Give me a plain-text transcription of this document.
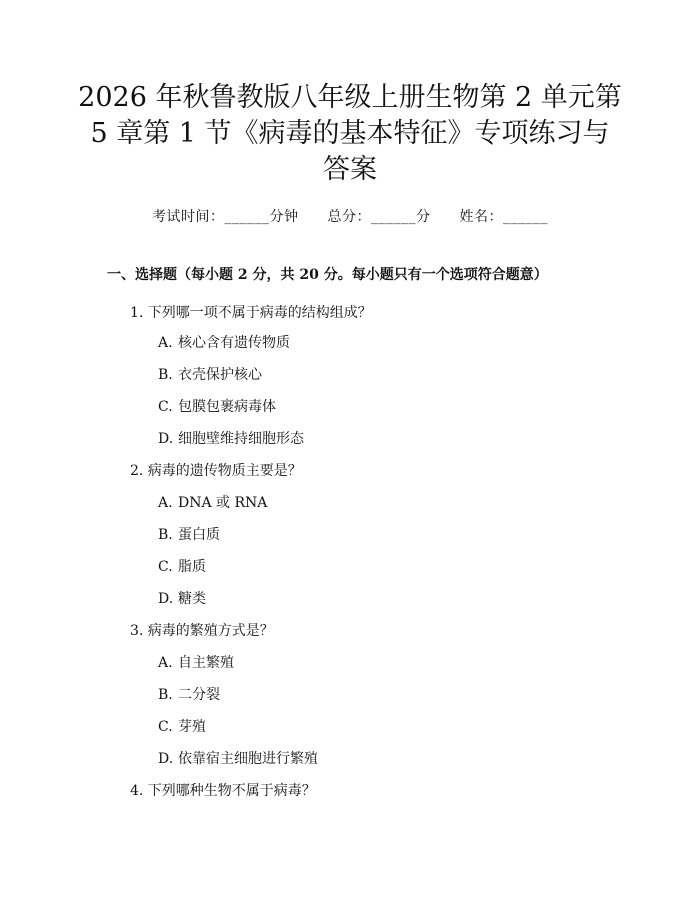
2026 年秋鲁教版八年级上册生物第 2 单元第
5 章第 1 节《病毒的基本特征》专项练习与
答案
考试时间：______分钟　　总分：______分　　姓名：______
一、选择题（每小题 2 分，共 20 分。每小题只有一个选项符合题意）
1. 下列哪一项不属于病毒的结构组成？
A. 核心含有遗传物质
B. 衣壳保护核心
C. 包膜包裹病毒体
D. 细胞壁维持细胞形态
2. 病毒的遗传物质主要是？
A. DNA 或 RNA
B. 蛋白质
C. 脂质
D. 糖类
3. 病毒的繁殖方式是？
A. 自主繁殖
B. 二分裂
C. 芽殖
D. 依靠宿主细胞进行繁殖
4. 下列哪种生物不属于病毒？
